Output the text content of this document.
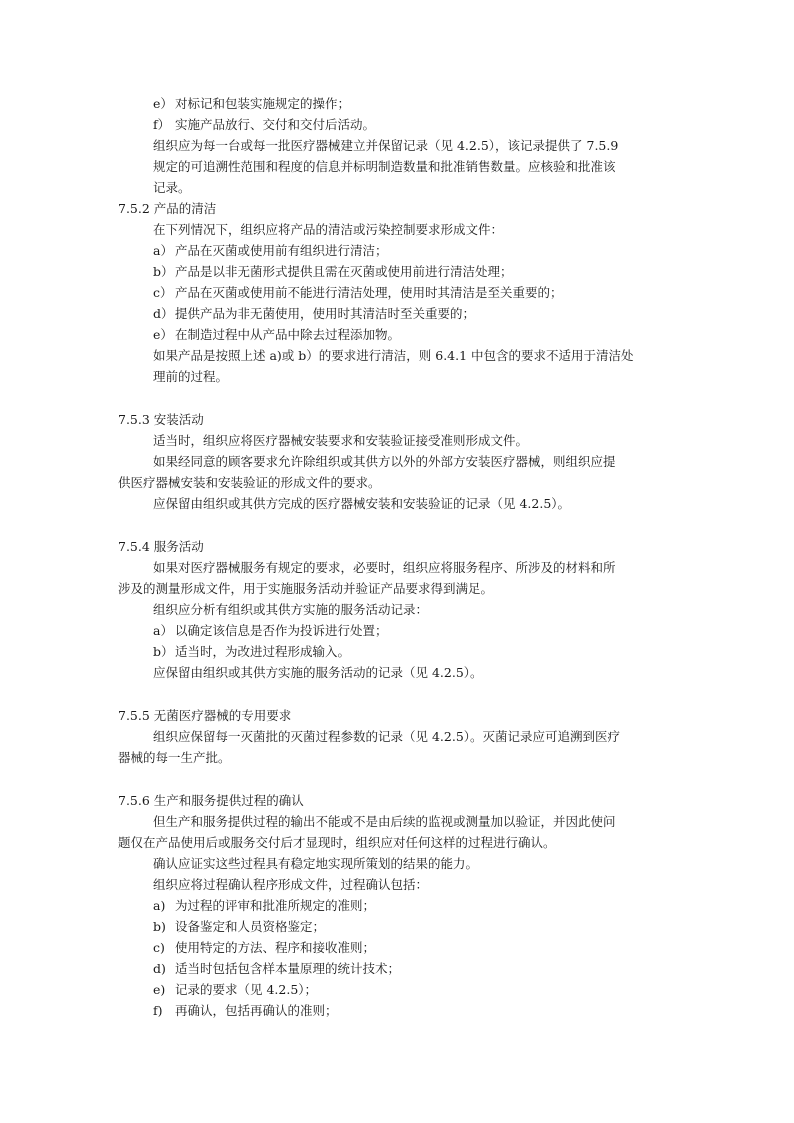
e） 对标记和包装实施规定的操作；
f） 实施产品放行、交付和交付后活动。
组织应为每一台或每一批医疗器械建立并保留记录（见 4.2.5），该记录提供了 7.5.9
规定的可追溯性范围和程度的信息并标明制造数量和批准销售数量。应核验和批准该
记录。
7.5.2 产品的清洁
在下列情况下，组织应将产品的清洁或污染控制要求形成文件：
a） 产品在灭菌或使用前有组织进行清洁；
b）产品是以非无菌形式提供且需在灭菌或使用前进行清洁处理；
c） 产品在灭菌或使用前不能进行清洁处理，使用时其清洁是至关重要的；
d）提供产品为非无菌使用，使用时其清洁时至关重要的；
e） 在制造过程中从产品中除去过程添加物。
如果产品是按照上述 a)或 b）的要求进行清洁，则 6.4.1 中包含的要求不适用于清洁处
理前的过程。
7.5.3 安装活动
适当时，组织应将医疗器械安装要求和安装验证接受准则形成文件。
如果经同意的顾客要求允许除组织或其供方以外的外部方安装医疗器械，则组织应提
供医疗器械安装和安装验证的形成文件的要求。
应保留由组织或其供方完成的医疗器械安装和安装验证的记录（见 4.2.5）。
7.5.4 服务活动
如果对医疗器械服务有规定的要求，必要时，组织应将服务程序、所涉及的材料和所
涉及的测量形成文件，用于实施服务活动并验证产品要求得到满足。
组织应分析有组织或其供方实施的服务活动记录：
a） 以确定该信息是否作为投诉进行处置；
b）适当时，为改进过程形成输入。
应保留由组织或其供方实施的服务活动的记录（见 4.2.5）。
7.5.5 无菌医疗器械的专用要求
组织应保留每一灭菌批的灭菌过程参数的记录（见 4.2.5）。灭菌记录应可追溯到医疗
器械的每一生产批。
7.5.6 生产和服务提供过程的确认
但生产和服务提供过程的输出不能或不是由后续的监视或测量加以验证，并因此使问
题仅在产品使用后或服务交付后才显现时，组织应对任何这样的过程进行确认。
确认应证实这些过程具有稳定地实现所策划的结果的能力。
组织应将过程确认程序形成文件，过程确认包括：
a) 为过程的评审和批准所规定的准则；
b) 设备鉴定和人员资格鉴定；
c) 使用特定的方法、程序和接收准则；
d) 适当时包括包含样本量原理的统计技术；
e) 记录的要求（见 4.2.5）；
f) 再确认，包括再确认的准则；
